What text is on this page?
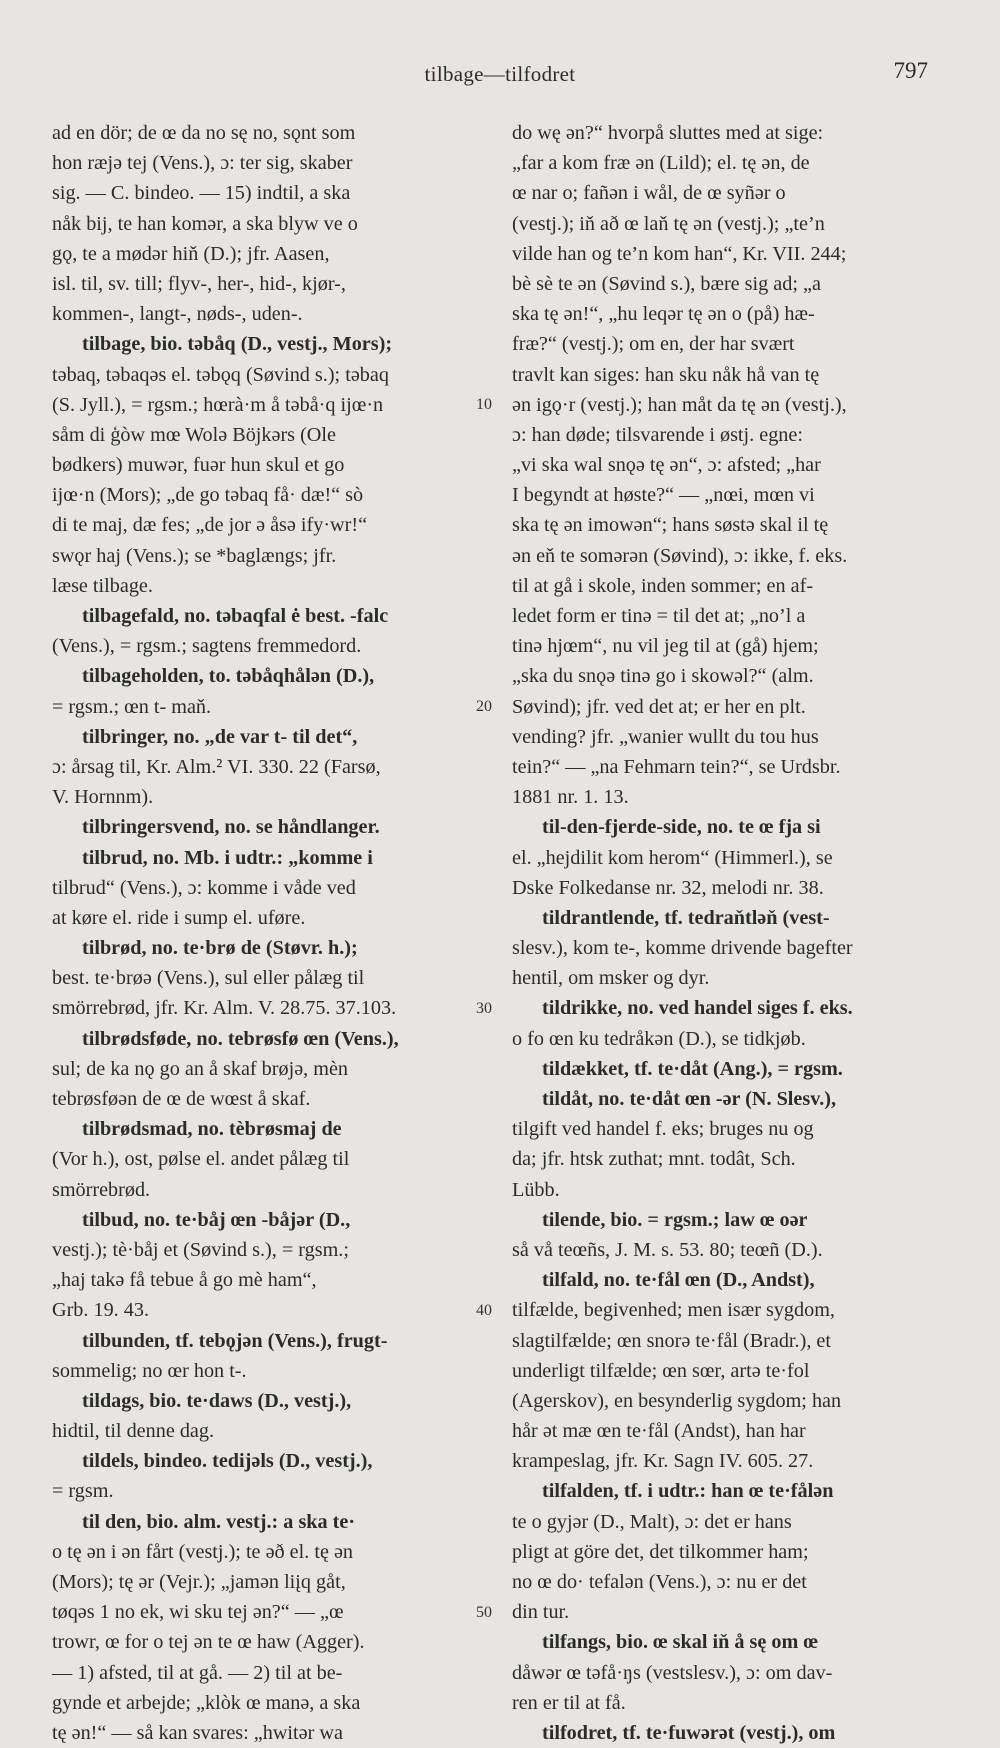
tilbage—tilfodret	797
ad en dör; de œ da no sę no, sǫnt som
hon ræjə tej (Vens.), ɔ: ter sig, skaber
sig. — C. bindeo. — 15) indtil, a ska
nåk bij, te han komər, a ska blyw ve o
gǫ, te a mødər hiň (D.); jfr. Aasen,
isl. til, sv. till; flyv-, her-, hid-, kjør-,
kommen-, langt-, nøds-, uden-.
tilbage, bio. təbåq (D., vestj., Mors);
təbaq, təbaqəs el. təbǫq (Søvind s.); təbaq
(S. Jyll.), = rgsm.; hœrà·m å təbå·q ijœ·n
såm di ģòw mœ Wolə Böjkərs (Ole
bødkers) muwər, fuər hun skul et go
ijœ·n (Mors); „de go təbaq få· dæ!“ sò
di te maj, dæ fes; „de jor ə åsə ify·wr!“
swǫr haj (Vens.); se *baglængs; jfr.
læse tilbage.
tilbagefald, no. təbaqfal ė best. -falc
(Vens.), = rgsm.; sagtens fremmedord.
tilbageholden, to. təbåqhålən (D.),
= rgsm.; œn t- maň.
tilbringer, no. „de var t- til det“,
ɔ: årsag til, Kr. Alm.² VI. 330. 22 (Farsø,
V. Hornnm).
tilbringersvend, no. se håndlanger.
tilbrud, no. Mb. i udtr.: „komme i
tilbrud“ (Vens.), ɔ: komme i våde ved
at køre el. ride i sump el. uføre.
tilbrød, no. te·brø de (Støvr. h.);
best. te·brøə (Vens.), sul eller pålæg til
smörrebrød, jfr. Kr. Alm. V. 28.75. 37.103.
tilbrødsføde, no. tebrøsfø œn (Vens.),
sul; de ka nǫ go an å skaf brøjə, mèn
tebrøsføən de œ de wœst å skaf.
tilbrødsmad, no. tèbrøsmaj de
(Vor h.), ost, pølse el. andet pålæg til
smörrebrød.
tilbud, no. te·båj œn -båjər (D.,
vestj.); tè·båj et (Søvind s.), = rgsm.;
„haj takə få tebue å go mè ham“,
Grb. 19. 43.
tilbunden, tf. tebǫjən (Vens.), frugt-
sommelig; no œr hon t-.
tildags, bio. te·daws (D., vestj.),
hidtil, til denne dag.
tildels, bindeo. tedijəls (D., vestj.),
= rgsm.
til den, bio. alm. vestj.: a ska te·
o tę ən i ən fårt (vestj.); te əð el. tę ən
(Mors); tę ər (Vejr.); „jamən liįq gåt,
tøqəs 1 no ek, wi sku tej ən?“ — „œ
trowr, œ for o tej ən te œ haw (Agger).
— 1) afsted, til at gå. — 2) til at be-
gynde et arbejde; „klòk œ manə, a ska
tę ən!“ — så kan svares: „hwitər wa
10
20
30
40
50
do wę ən?“ hvorpå sluttes med at sige:
„far a kom fræ ən (Lild); el. tę ən, de
œ nar o; fañən i wål, de œ syñər o
(vestj.); iň að œ laň tę ən (vestj.); „te’n
vilde han og te’n kom han“, Kr. VII. 244;
bè sè te ən (Søvind s.), bære sig ad; „a
ska tę ən!“, „hu leqər tę ən o (på) hæ-
fræ?“ (vestj.); om en, der har svært
travlt kan siges: han sku nåk hå van tę
ən igǫ·r (vestj.); han måt da tę ən (vestj.),
ɔ: han døde; tilsvarende i østj. egne:
„vi ska wal snǫə tę ən“, ɔ: afsted; „har
I begyndt at høste?“ — „nœi, mœn vi
ska tę ən imowən“; hans søstə skal il tę
ən eň te somərən (Søvind), ɔ: ikke, f. eks.
til at gå i skole, inden sommer; en af-
ledet form er tinə = til det at; „no’l a
tinə hjœm“, nu vil jeg til at (gå) hjem;
„ska du snǫə tinə go i skowəl?“ (alm.
Søvind); jfr. ved det at; er her en plt.
vending? jfr. „wanier wullt du tou hus
tein?“ — „na Fehmarn tein?“, se Urdsbr.
1881 nr. 1. 13.
til-den-fjerde-side, no. te œ fja si
el. „hejdilit kom herom“ (Himmerl.), se
Dske Folkedanse nr. 32, melodi nr. 38.
tildrantlende, tf. tedraňtləň (vest-
slesv.), kom te-, komme drivende bagefter
hentil, om msker og dyr.
tildrikke, no. ved handel siges f. eks.
o fo œn ku tedråkən (D.), se tidkjøb.
tildækket, tf. te·dåt (Ang.), = rgsm.
tildåt, no. te·dåt œn -ər (N. Slesv.),
tilgift ved handel f. eks; bruges nu og
da; jfr. htsk zuthat; mnt. todât, Sch.
Lübb.
tilende, bio. = rgsm.; law œ oər
så vå teœñs, J. M. s. 53. 80; teœñ (D.).
tilfald, no. te·fål œn (D., Andst),
tilfælde, begivenhed; men især sygdom,
slagtilfælde; œn snorə te·fål (Bradr.), et
underligt tilfælde; œn sœr, artə te·fol
(Agerskov), en besynderlig sygdom; han
hår ət mæ œn te·fål (Andst), han har
krampeslag, jfr. Kr. Sagn IV. 605. 27.
tilfalden, tf. i udtr.: han œ te·fålən
te o gyjər (D., Malt), ɔ: det er hans
pligt at göre det, det tilkommer ham;
no œ do· tefalən (Vens.), ɔ: nu er det
din tur.
tilfangs, bio. œ skal iň å sę om œ
dåwər œ təfå·ŋs (vestslesv.), ɔ: om dav-
ren er til at få.
tilfodret, tf. te·fuwərət (vestj.), om
